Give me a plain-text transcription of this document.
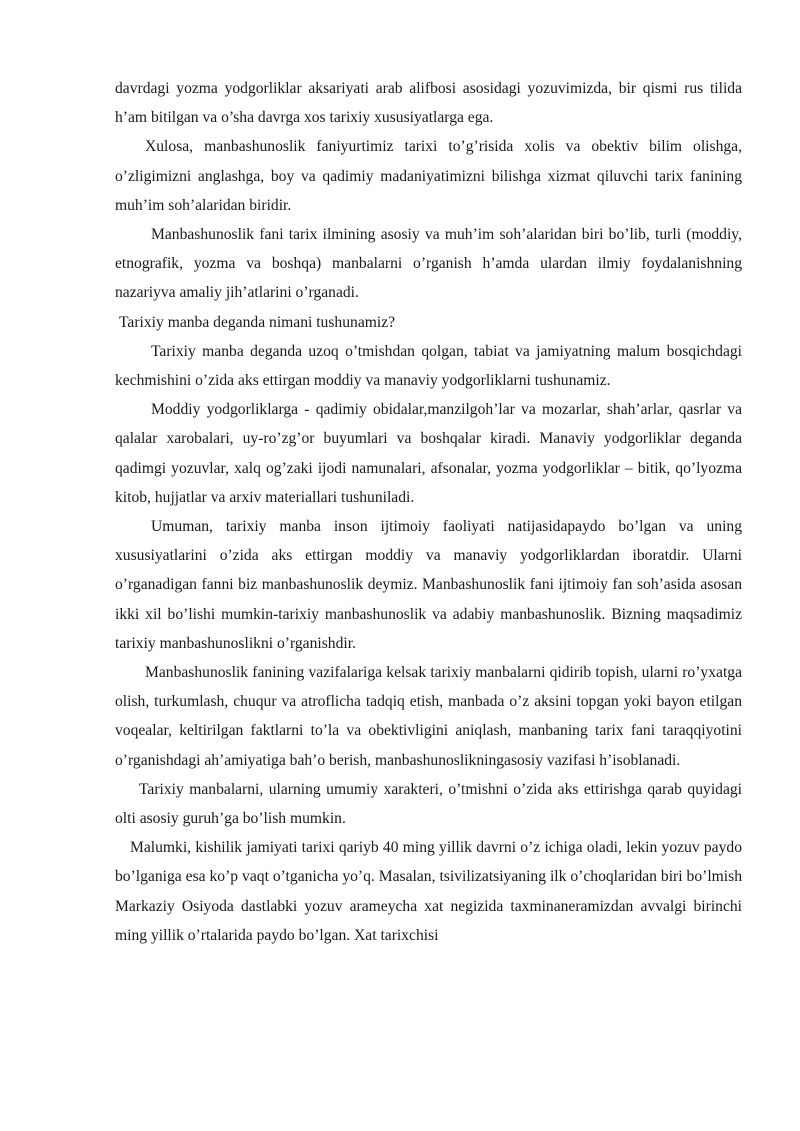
davrdagi yozma yodgorliklar aksariyati arab alifbosi asosidagi yozuvimizda, bir qismi rus tilida h’am bitilgan va o’sha davrga xos tarixiy xususiyatlarga ega.

Xulosa, manbashunoslik faniyurtimiz tarixi to’g’risida xolis va obektiv bilim olishga, o’zligimizni anglashga, boy va qadimiy madaniyatimizni bilishga xizmat qiluvchi tarix fanining muh’im soh’alaridan biridir.

Manbashunoslik fani tarix ilmining asosiy va muh’im soh’alaridan biri bo’lib, turli (moddiy, etnografik, yozma va boshqa) manbalarni o’rganish h’amda ulardan ilmiy foydalanishning nazariyva amaliy jih’atlarini o’rganadi.

Tarixiy manba deganda nimani tushunamiz?

Tarixiy manba deganda uzoq o’tmishdan qolgan, tabiat va jamiyatning malum bosqichdagi kechmishini o’zida aks ettirgan moddiy va manaviy yodgorliklarni tushunamiz.

Moddiy yodgorliklarga - qadimiy obidalar,manzilgoh’lar va mozarlar, shah’arlar, qasrlar va qalalar xarobalari, uy-ro’zg’or buyumlari va boshqalar kiradi. Manaviy yodgorliklar deganda qadimgi yozuvlar, xalq og’zaki ijodi namunalari, afsonalar, yozma yodgorliklar – bitik, qo’lyozma kitob, hujjatlar va arxiv materiallari tushuniladi.

Umuman, tarixiy manba inson ijtimoiy faoliyati natijasidapaydo bo’lgan va uning xususiyatlarini o’zida aks ettirgan moddiy va manaviy yodgorliklardan iboratdir. Ularni o’rganadigan fanni biz manbashunoslik deymiz. Manbashunoslik fani ijtimoiy fan soh’asida asosan ikki xil bo’lishi mumkin-tarixiy manbashunoslik va adabiy manbashunoslik. Bizning maqsadimiz tarixiy manbashunoslikni o’rganishdir.

Manbashunoslik fanining vazifalariga kelsak tarixiy manbalarni qidirib topish, ularni ro’yxatga olish, turkumlash, chuqur va atroflicha tadqiq etish, manbada o’z aksini topgan yoki bayon etilgan voqealar, keltirilgan faktlarni to’la va obektivligini aniqlash, manbaning tarix fani taraqqiyotini o’rganishdagi ah’amiyatiga bah’o berish, manbashunoslikningasosiy vazifasi h’isoblanadi.

Tarixiy manbalarni, ularning umumiy xarakteri, o’tmishni o’zida aks ettirishga qarab quyidagi olti asosiy guruh’ga bo’lish mumkin.

Malumki, kishilik jamiyati tarixi qariyb 40 ming yillik davrni o’z ichiga oladi, lekin yozuv paydo bo’lganiga esa ko’p vaqt o’tganicha yo’q. Masalan, tsivilizatsiyaning ilk o’choqlaridan biri bo’lmish Markaziy Osiyoda dastlabki yozuv arameycha xat negizida taxminaneramizdan avvalgi birinchi ming yillik o’rtalarida paydo bo’lgan. Xat tarixchisi
